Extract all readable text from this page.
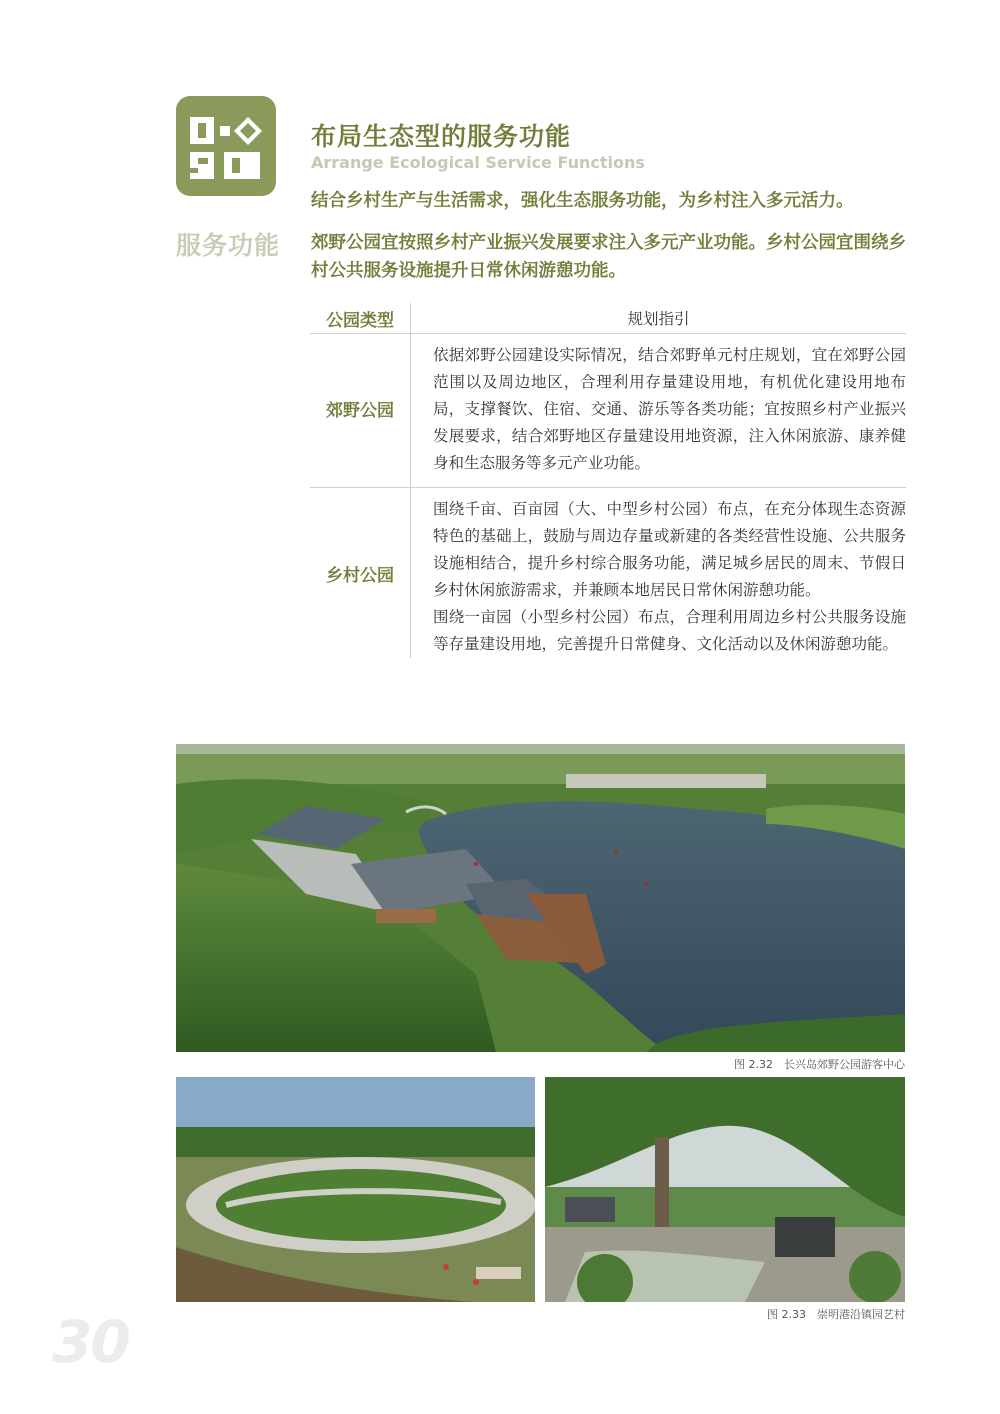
服务功能
布局生态型的服务功能
Arrange Ecological Service Functions
结合乡村生产与生活需求，强化生态服务功能，为乡村注入多元活力。
郊野公园宜按照乡村产业振兴发展要求注入多元产业功能。乡村公园宜围绕乡村公共服务设施提升日常休闲游憩功能。
公园类型	规划指引
郊野公园	依据郊野公园建设实际情况，结合郊野单元村庄规划，宜在郊野公园范围以及周边地区，合理利用存量建设用地，有机优化建设用地布局，支撑餐饮、住宿、交通、游乐等各类功能；宜按照乡村产业振兴发展要求，结合郊野地区存量建设用地资源，注入休闲旅游、康养健身和生态服务等多元产业功能。

乡村公园	围绕千亩、百亩园（大、中型乡村公园）布点，在充分体现生态资源特色的基础上，鼓励与周边存量或新建的各类经营性设施、公共服务设施相结合，提升乡村综合服务功能，满足城乡居民的周末、节假日乡村休闲旅游需求，并兼顾本地居民日常休闲游憩功能。

围绕一亩园（小型乡村公园）布点，合理利用周边乡村公共服务设施等存量建设用地，完善提升日常健身、文化活动以及休闲游憩功能。

图 2.32　长兴岛郊野公园游客中心
图 2.33　崇明港沿镇园艺村
30
